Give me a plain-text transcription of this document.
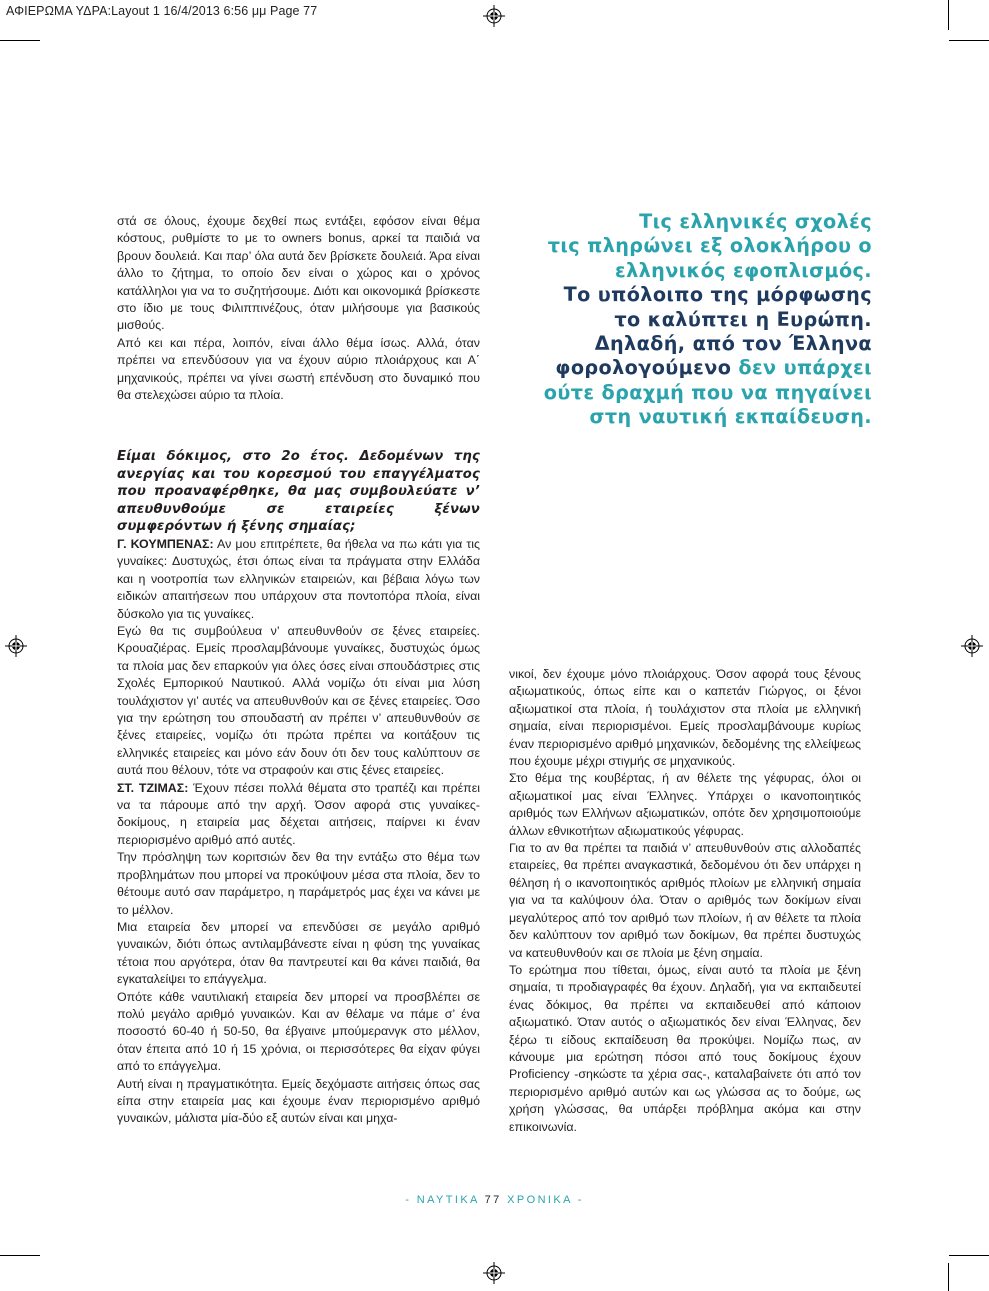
ΑΦΙΕΡΩΜΑ ΥΔΡΑ:Layout 1 16/4/2013 6:56 μμ Page 77

στά σε όλους, έχουμε δεχθεί πως εντάξει, εφόσον είναι θέμα κόστους, ρυθμίστε το με το owners bonus, αρκεί τα παιδιά να βρουν δουλειά. Και παρ’ όλα αυτά δεν βρίσκετε δουλειά. Άρα είναι άλλο το ζήτημα, το οποίο δεν είναι ο χώρος και ο χρόνος κατάλληλοι για να το συζητήσουμε. Διότι και οικονομικά βρίσκεστε στο ίδιο με τους Φιλιππινέζους, όταν μιλήσουμε για βασικούς μισθούς.

Από κει και πέρα, λοιπόν, είναι άλλο θέμα ίσως. Αλλά, όταν πρέπει να επενδύσουν για να έχουν αύριο πλοιάρχους και Α΄ μηχανικούς, πρέπει να γίνει σωστή επένδυση στο δυναμικό που θα στελεχώσει αύριο τα πλοία.

Τις ελληνικές σχολές
τις πληρώνει εξ ολοκλήρου ο
ελληνικός εφοπλισμός.
Το υπόλοιπο της μόρφωσης
το καλύπτει η Ευρώπη.
Δηλαδή, από τον Έλληνα
φορολογούμενο δεν υπάρχει
ούτε δραχμή που να πηγαίνει
στη ναυτική εκπαίδευση.

Είμαι δόκιμος, στο 2ο έτος. Δεδομένων της ανεργίας και του κορεσμού του επαγγέλματος που προαναφέρθηκε, θα μας συμβουλεύατε ν’ απευθυνθούμε σε εταιρείες ξένων συμφερόντων ή ξένης σημαίας;

Γ. ΚΟΥΜΠΕΝΑΣ: Αν μου επιτρέπετε, θα ήθελα να πω κάτι για τις γυναίκες: Δυστυχώς, έτσι όπως είναι τα πράγματα στην Ελλάδα και η νοοτροπία των ελληνικών εταιρειών, και βέβαια λόγω των ειδικών απαιτήσεων που υπάρχουν στα ποντοπόρα πλοία, είναι δύσκολο για τις γυναίκες.

Εγώ θα τις συμβούλευα ν’ απευθυνθούν σε ξένες εταιρείες. Κρουαζιέρας. Εμείς προσλαμβάνουμε γυναίκες, δυστυχώς όμως τα πλοία μας δεν επαρκούν για όλες όσες είναι σπουδάστριες στις Σχολές Εμπορικού Ναυτικού. Αλλά νομίζω ότι είναι μια λύση τουλάχιστον γι’ αυτές να απευθυνθούν και σε ξένες εταιρείες. Όσο για την ερώτηση του σπουδαστή αν πρέπει ν’ απευθυνθούν σε ξένες εταιρείες, νομίζω ότι πρώτα πρέπει να κοιτάξουν τις ελληνικές εταιρείες και μόνο εάν δουν ότι δεν τους καλύπτουν σε αυτά που θέλουν, τότε να στραφούν και στις ξένες εταιρείες.

ΣΤ. ΤΖΙΜΑΣ: Έχουν πέσει πολλά θέματα στο τραπέζι και πρέπει να τα πάρουμε από την αρχή. Όσον αφορά στις γυναίκες-δοκίμους, η εταιρεία μας δέχεται αιτήσεις, παίρνει κι έναν περιορισμένο αριθμό από αυτές.

Την πρόσληψη των κοριτσιών δεν θα την εντάξω στο θέμα των προβλημάτων που μπορεί να προκύψουν μέσα στα πλοία, δεν το θέτουμε αυτό σαν παράμετρο, η παράμετρός μας έχει να κάνει με το μέλλον.

Μια εταιρεία δεν μπορεί να επενδύσει σε μεγάλο αριθμό γυναικών, διότι όπως αντιλαμβάνεστε είναι η φύση της γυναίκας τέτοια που αργότερα, όταν θα παντρευτεί και θα κάνει παιδιά, θα εγκαταλείψει το επάγγελμα.

Οπότε κάθε ναυτιλιακή εταιρεία δεν μπορεί να προσβλέπει σε πολύ μεγάλο αριθμό γυναικών. Και αν θέλαμε να πάμε σ’ ένα ποσοστό 60-40 ή 50-50, θα έβγαινε μπούμερανγκ στο μέλλον, όταν έπειτα από 10 ή 15 χρόνια, οι περισσότερες θα είχαν φύγει από το επάγγελμα.

Αυτή είναι η πραγματικότητα. Εμείς δεχόμαστε αιτήσεις όπως σας είπα στην εταιρεία μας και έχουμε έναν περιορισμένο αριθμό γυναικών, μάλιστα μία-δύο εξ αυτών είναι και μηχα-

νικοί, δεν έχουμε μόνο πλοιάρχους. Όσον αφορά τους ξένους αξιωματικούς, όπως είπε και ο καπετάν Γιώργος, οι ξένοι αξιωματικοί στα πλοία, ή τουλάχιστον στα πλοία με ελληνική σημαία, είναι περιορισμένοι. Εμείς προσλαμβάνουμε κυρίως έναν περιορισμένο αριθμό μηχανικών, δεδομένης της ελλείψεως που έχουμε μέχρι στιγμής σε μηχανικούς.

Στο θέμα της κουβέρτας, ή αν θέλετε της γέφυρας, όλοι οι αξιωματικοί μας είναι Έλληνες. Υπάρχει ο ικανοποιητικός αριθμός των Ελλήνων αξιωματικών, οπότε δεν χρησιμοποιούμε άλλων εθνικοτήτων αξιωματικούς γέφυρας.

Για το αν θα πρέπει τα παιδιά ν’ απευθυνθούν στις αλλοδαπές εταιρείες, θα πρέπει αναγκαστικά, δεδομένου ότι δεν υπάρχει η θέληση ή ο ικανοποιητικός αριθμός πλοίων με ελληνική σημαία για να τα καλύψουν όλα. Όταν ο αριθμός των δοκίμων είναι μεγαλύτερος από τον αριθμό των πλοίων, ή αν θέλετε τα πλοία δεν καλύπτουν τον αριθμό των δοκίμων, θα πρέπει δυστυχώς να κατευθυνθούν και σε πλοία με ξένη σημαία.

Το ερώτημα που τίθεται, όμως, είναι αυτό τα πλοία με ξένη σημαία, τι προδιαγραφές θα έχουν. Δηλαδή, για να εκπαιδευτεί ένας δόκιμος, θα πρέπει να εκπαιδευθεί από κάποιον αξιωματικό. Όταν αυτός ο αξιωματικός δεν είναι Έλληνας, δεν ξέρω τι είδους εκπαίδευση θα προκύψει. Νομίζω πως, αν κάνουμε μια ερώτηση πόσοι από τους δοκίμους έχουν Proficiency -σηκώστε τα χέρια σας-, καταλαβαίνετε ότι από τον περιορισμένο αριθμό αυτών και ως γλώσσα ας το δούμε, ως χρήση γλώσσας, θα υπάρξει πρόβλημα ακόμα και στην επικοινωνία.

- ΝΑΥΤΙΚΑ 77 ΧΡΟΝΙΚΑ -
